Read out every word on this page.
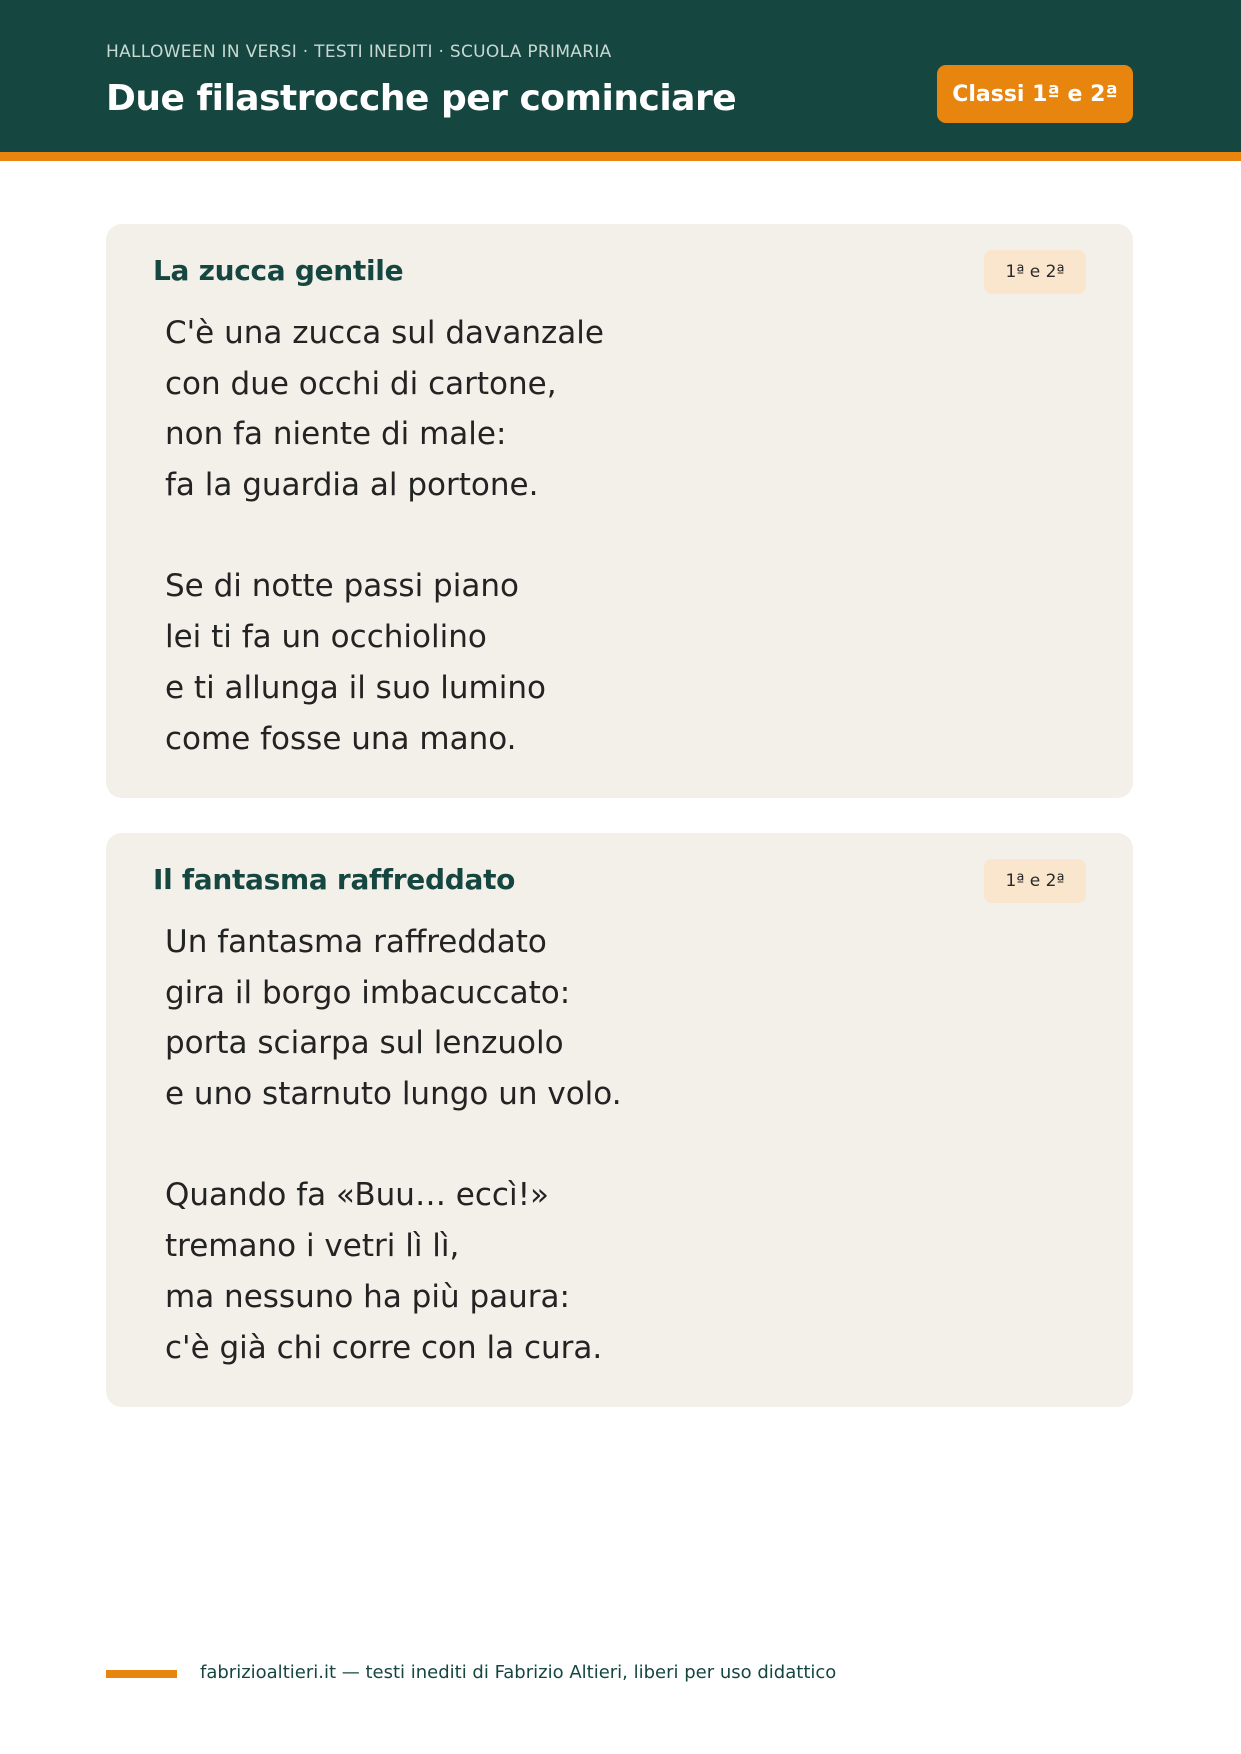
HALLOWEEN IN VERSI · TESTI INEDITI · SCUOLA PRIMARIA
Due filastrocche per cominciare	Classi 1ª e 2ª
La zucca gentile	1ª e 2ª
C'è una zucca sul davanzale
con due occhi di cartone,
non fa niente di male:
fa la guardia al portone.
Se di notte passi piano
lei ti fa un occhiolino
e ti allunga il suo lumino
come fosse una mano.
Il fantasma raffreddato	1ª e 2ª
Un fantasma raffreddato
gira il borgo imbacuccato:
porta sciarpa sul lenzuolo
e uno starnuto lungo un volo.
Quando fa «Buu… eccì!»
tremano i vetri lì lì,
ma nessuno ha più paura:
c'è già chi corre con la cura.
fabrizioaltieri.it — testi inediti di Fabrizio Altieri, liberi per uso didattico
